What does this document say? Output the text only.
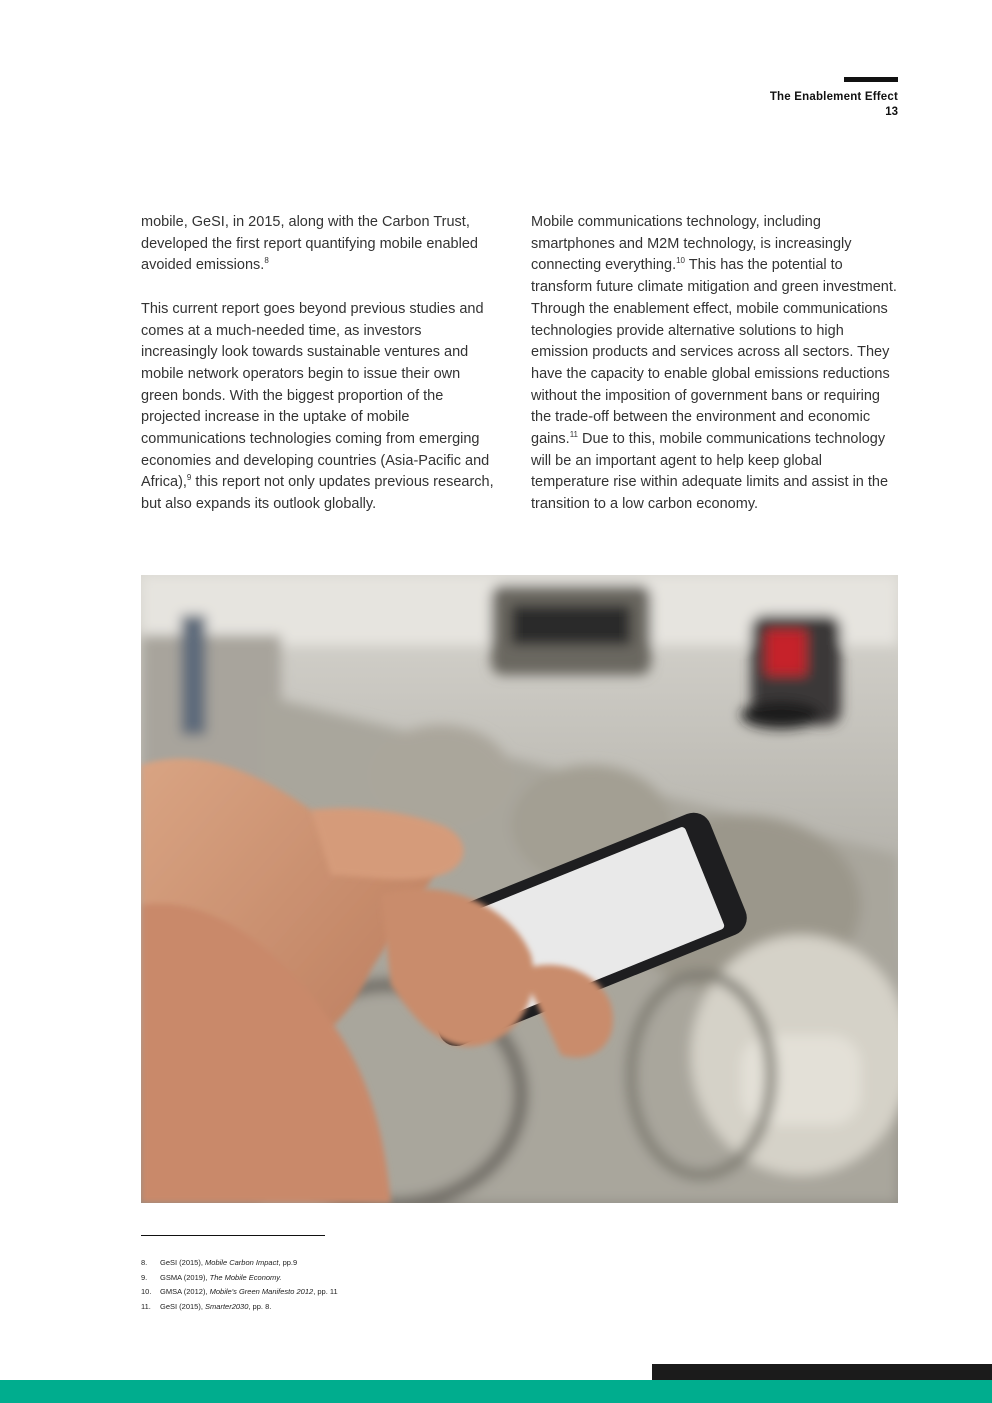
The Enablement Effect
13

mobile, GeSI, in 2015, along with the Carbon Trust, developed the first report quantifying mobile enabled avoided emissions.$^8$

This current report goes beyond previous studies and comes at a much-needed time, as investors increasingly look towards sustainable ventures and mobile network operators begin to issue their own green bonds. With the biggest proportion of the projected increase in the uptake of mobile communications technologies coming from emerging economies and developing countries (Asia-Pacific and Africa),$^9$ this report not only updates previous research, but also expands its outlook globally.

Mobile communications technology, including smartphones and M2M technology, is increasingly connecting everything.$^{10}$ This has the potential to transform future climate mitigation and green investment. Through the enablement effect, mobile communications technologies provide alternative solutions to high emission products and services across all sectors. They have the capacity to enable global emissions reductions without the imposition of government bans or requiring the trade-off between the environment and economic gains.$^{11}$ Due to this, mobile communications technology will be an important agent to help keep global temperature rise within adequate limits and assist in the transition to a low carbon economy.

8.	GeSI (2015), Mobile Carbon Impact, pp.9
9.	GSMA (2019), The Mobile Economy.
10.	GMSA (2012), Mobile's Green Manifesto 2012, pp. 11
11.	GeSI (2015), Smarter2030, pp. 8.
